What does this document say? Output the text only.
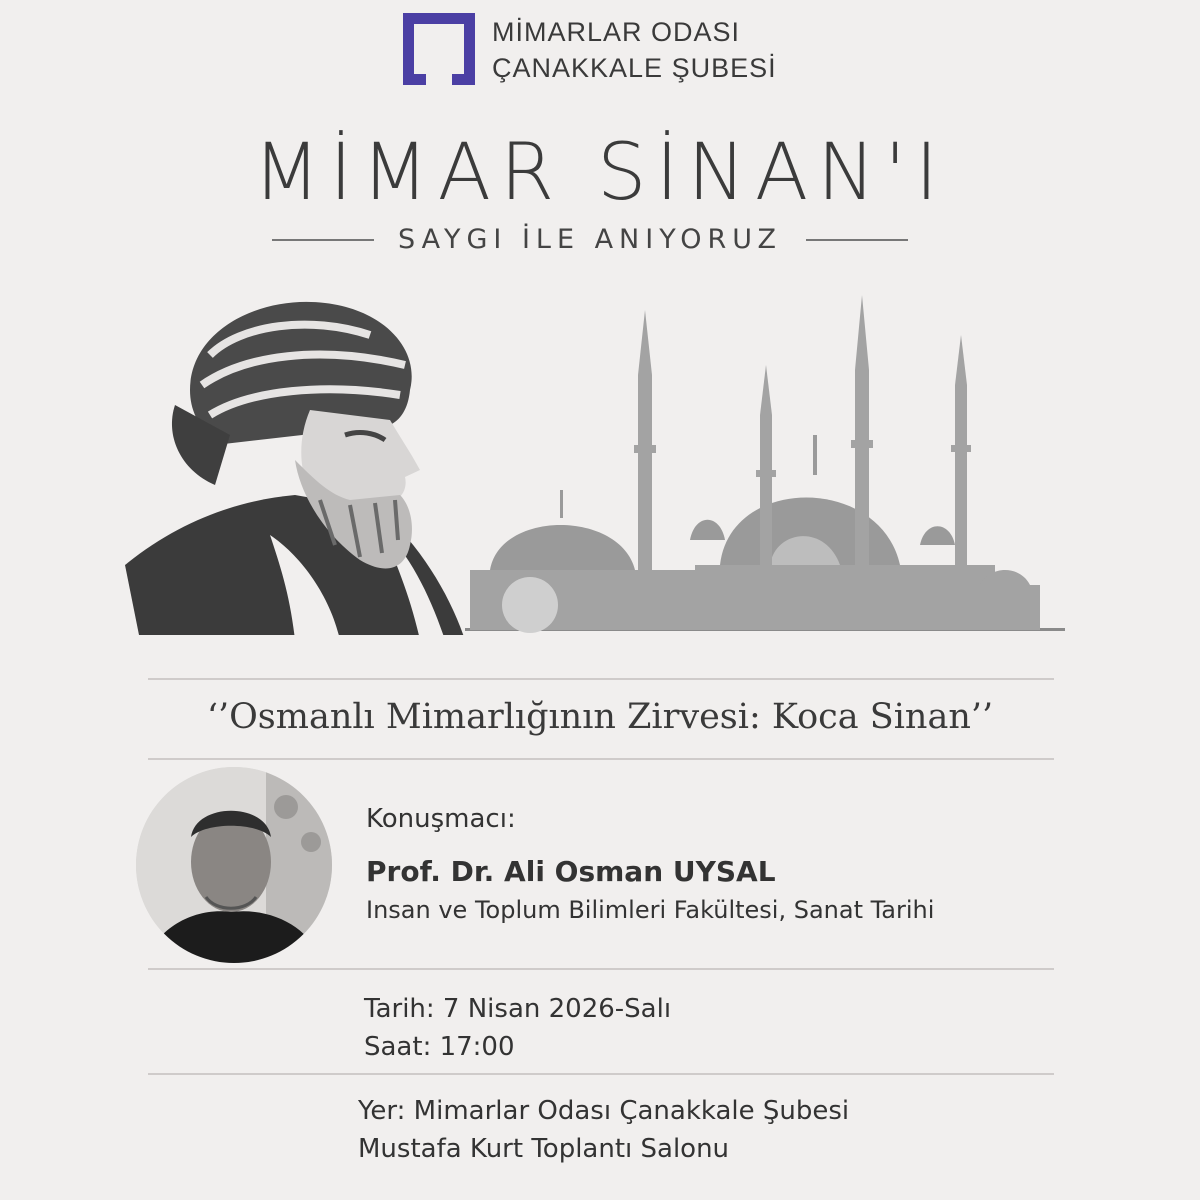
MİMARLAR ODASI
ÇANAKKALE ŞUBESİ
MİMAR SİNAN'I
SAYGI İLE ANIYORUZ
‘’Osmanlı Mimarlığının Zirvesi: Koca Sinan’’
Konuşmacı:
Prof. Dr. Ali Osman UYSAL
Insan ve Toplum Bilimleri Fakültesi, Sanat Tarihi
Tarih: 7 Nisan 2026-Salı
Saat: 17:00
Yer: Mimarlar Odası Çanakkale Şubesi
Mustafa Kurt Toplantı Salonu
